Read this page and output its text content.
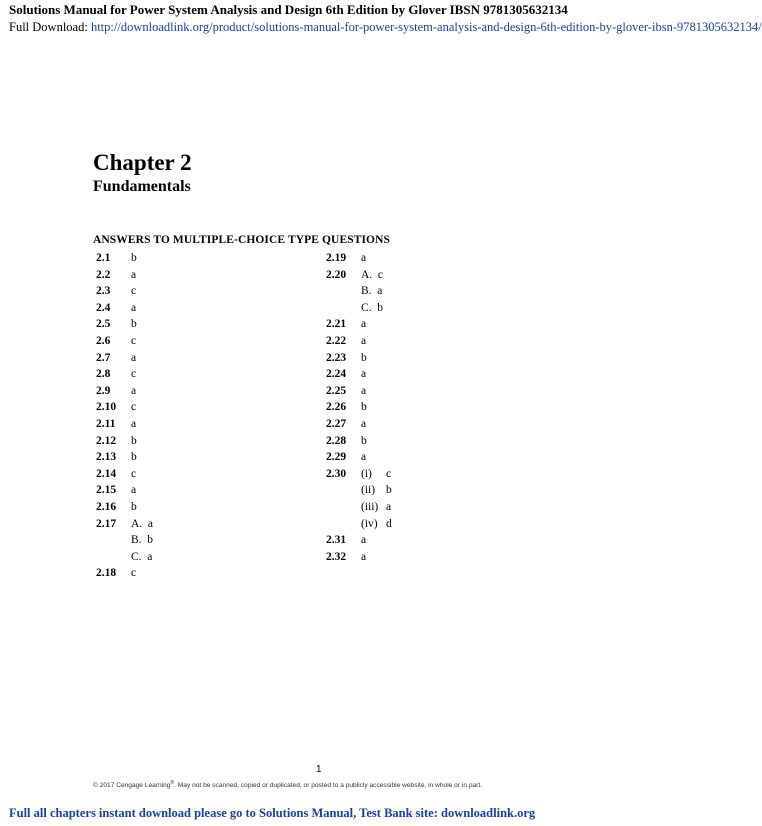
Solutions Manual for Power System Analysis and Design 6th Edition by Glover IBSN 9781305632134
Full Download: http://downloadlink.org/product/solutions-manual-for-power-system-analysis-and-design-6th-edition-by-glover-ibsn-9781305632134/
Chapter 2
Fundamentals
ANSWERS TO MULTIPLE-CHOICE TYPE QUESTIONS
2.1 b
2.2 a
2.3 c
2.4 a
2.5 b
2.6 c
2.7 a
2.8 c
2.9 a
2.10 c
2.11 a
2.12 b
2.13 b
2.14 c
2.15 a
2.16 b
2.17 A.  a
B.  b
C.  a
2.18 c
2.19 a
2.20 A.  c
B.  a
C.  b
2.21 a
2.22 a
2.23 b
2.24 a
2.25 a
2.26 b
2.27 a
2.28 b
2.29 a
2.30 (i) c
(ii) b
(iii) a
(iv) d
2.31 a
2.32 a
1
© 2017 Cengage Learning®. May not be scanned, copied or duplicated, or posted to a publicly accessible website, in whole or in part.
Full all chapters instant download please go to Solutions Manual, Test Bank site: downloadlink.org
